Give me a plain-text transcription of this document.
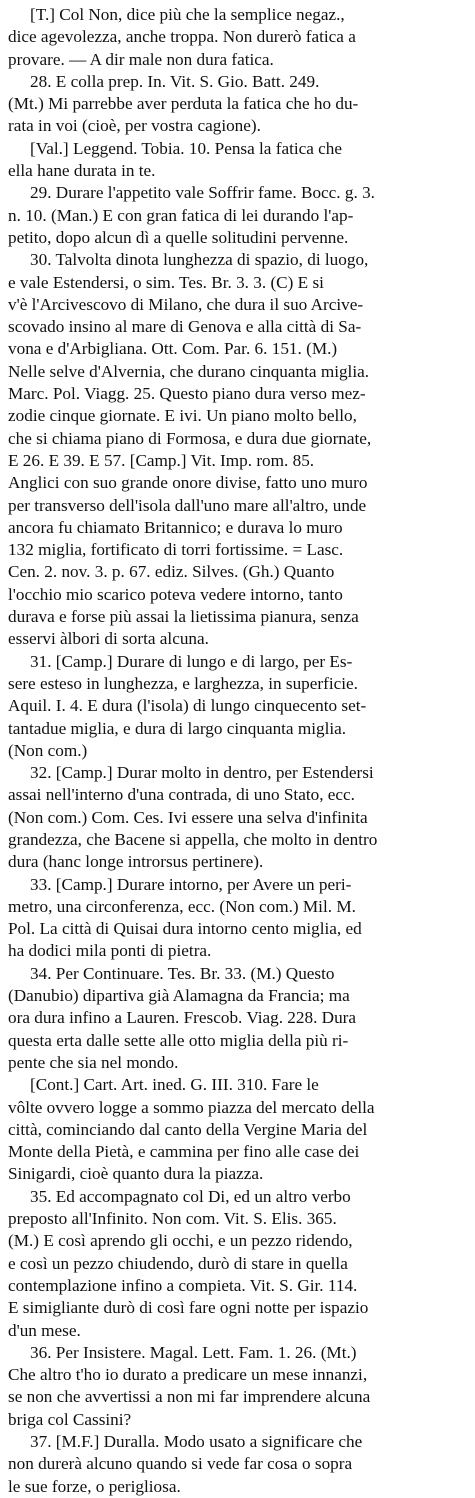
[T.] Col Non, dice più che la semplice negaz.,
dice agevolezza, anche troppa. Non durerò fatica a
provare. — A dir male non dura fatica.
28. E colla prep. In. Vit. S. Gio. Batt. 249.
(Mt.) Mi parrebbe aver perduta la fatica che ho du-
rata in voi (cioè, per vostra cagione).
[Val.] Leggend. Tobia. 10. Pensa la fatica che
ella hane durata in te.
29. Durare l'appetito vale Soffrir fame. Bocc. g. 3.
n. 10. (Man.) E con gran fatica di lei durando l'ap-
petito, dopo alcun dì a quelle solitudini pervenne.
30. Talvolta dinota lunghezza di spazio, di luogo,
e vale Estendersi, o sim. Tes. Br. 3. 3. (C) E si
v'è l'Arcivescovo di Milano, che dura il suo Arcive-
scovado insino al mare di Genova e alla città di Sa-
vona e d'Arbigliana. Ott. Com. Par. 6. 151. (M.)
Nelle selve d'Alvernia, che durano cinquanta miglia.
Marc. Pol. Viagg. 25. Questo piano dura verso mez-
zodie cinque giornate. E ivi. Un piano molto bello,
che si chiama piano di Formosa, e dura due giornate,
E 26. E 39. E 57. [Camp.] Vit. Imp. rom. 85.
Anglici con suo grande onore divise, fatto uno muro
per transverso dell'isola dall'uno mare all'altro, unde
ancora fu chiamato Britannico; e durava lo muro
132 miglia, fortificato di torri fortissime. = Lasc.
Cen. 2. nov. 3. p. 67. ediz. Silves. (Gh.) Quanto
l'occhio mio scarico poteva vedere intorno, tanto
durava e forse più assai la lietissima pianura, senza
esservi àlbori di sorta alcuna.
31. [Camp.] Durare di lungo e di largo, per Es-
sere esteso in lunghezza, e larghezza, in superficie.
Aquil. I. 4. E dura (l'isola) di lungo cinquecento set-
tantadue miglia, e dura di largo cinquanta miglia.
(Non com.)
32. [Camp.] Durar molto in dentro, per Estendersi
assai nell'interno d'una contrada, di uno Stato, ecc.
(Non com.) Com. Ces. Ivi essere una selva d'infinita
grandezza, che Bacene si appella, che molto in dentro
dura (hanc longe introrsus pertinere).
33. [Camp.] Durare intorno, per Avere un peri-
metro, una circonferenza, ecc. (Non com.) Mil. M.
Pol. La città di Quisai dura intorno cento miglia, ed
ha dodici mila ponti di pietra.
34. Per Continuare. Tes. Br. 33. (M.) Questo
(Danubio) dipartiva già Alamagna da Francia; ma
ora dura infino a Lauren. Frescob. Viag. 228. Dura
questa erta dalle sette alle otto miglia della più ri-
pente che sia nel mondo.
[Cont.] Cart. Art. ined. G. III. 310. Fare le
vôlte ovvero logge a sommo piazza del mercato della
città, cominciando dal canto della Vergine Maria del
Monte della Pietà, e cammina per fino alle case dei
Sinigardi, cioè quanto dura la piazza.
35. Ed accompagnato col Di, ed un altro verbo
preposto all'Infinito. Non com. Vit. S. Elis. 365.
(M.) E così aprendo gli occhi, e un pezzo ridendo,
e così un pezzo chiudendo, durò di stare in quella
contemplazione infino a compieta. Vit. S. Gir. 114.
E simigliante durò di così fare ogni notte per ispazio
d'un mese.
36. Per Insistere. Magal. Lett. Fam. 1. 26. (Mt.)
Che altro t'ho io durato a predicare un mese innanzi,
se non che avvertissi a non mi far imprendere alcuna
briga col Cassini?
37. [M.F.] Duralla. Modo usato a significare che
non durerà alcuno quando si vede far cosa o sopra
le sue forze, o perigliosa.
